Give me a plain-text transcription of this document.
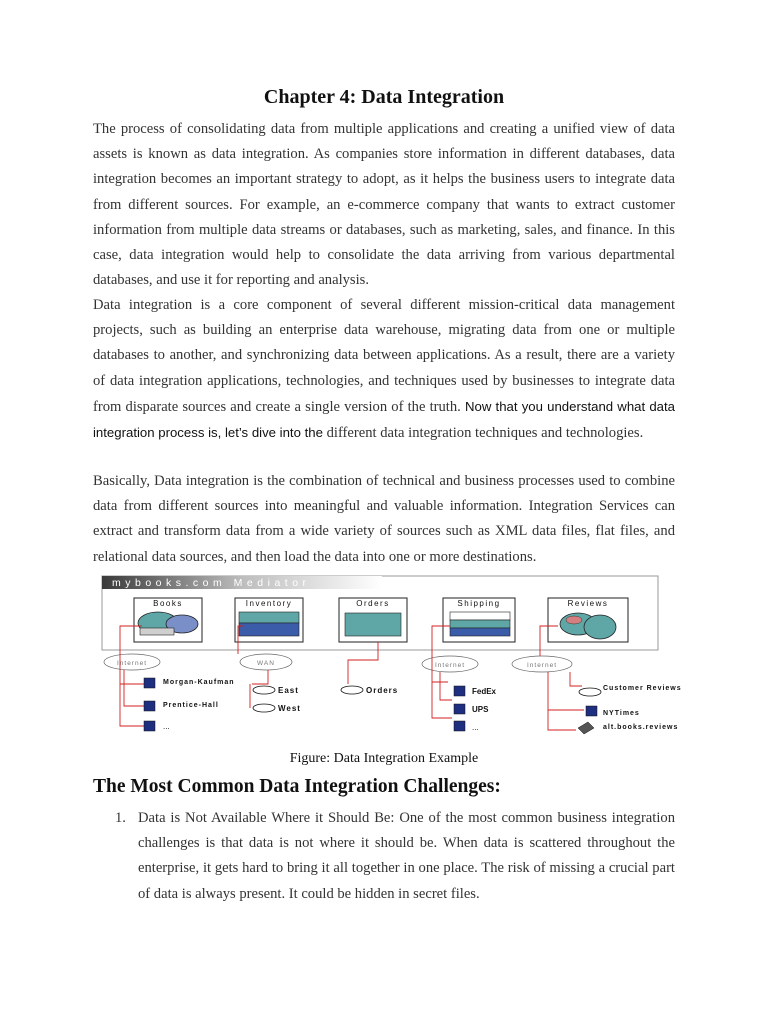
Chapter 4: Data Integration

The process of consolidating data from multiple applications and creating a unified view of data assets is known as data integration. As companies store information in different databases, data integration becomes an important strategy to adopt, as it helps the business users to integrate data from different sources. For example, an e-commerce company that wants to extract customer information from multiple data streams or databases, such as marketing, sales, and finance. In this case, data integration would help to consolidate the data arriving from various departmental databases, and use it for reporting and analysis.

Data integration is a core component of several different mission-critical data management projects, such as building an enterprise data warehouse, migrating data from one or multiple databases to another, and synchronizing data between applications. As a result, there are a variety of data integration applications, technologies, and techniques used by businesses to integrate data from disparate sources and create a single version of the truth. Now that you understand what data integration process is, let’s dive into the different data integration techniques and technologies.

Basically, Data integration is the combination of technical and business processes used to combine data from different sources into meaningful and valuable information. Integration Services can extract and transform data from a wide variety of sources such as XML data files, flat files, and relational data sources, and then load the data into one or more destinations.

mybooks.com Mediator
Books	Inventory	Orders	Shipping	Reviews
Internet	WAN	Internet	Internet
Morgan-Kaufman
Prentice-Hall
...
East
West
Orders	FedEx
UPS
...
Customer Reviews
NYTimes
alt.books.reviews
Figure: Data Integration Example
The Most Common Data Integration Challenges:
1. Data is Not Available Where it Should Be: One of the most common business integration challenges is that data is not where it should be. When data is scattered throughout the enterprise, it gets hard to bring it all together in one place. The risk of missing a crucial part of data is always present. It could be hidden in secret files.
